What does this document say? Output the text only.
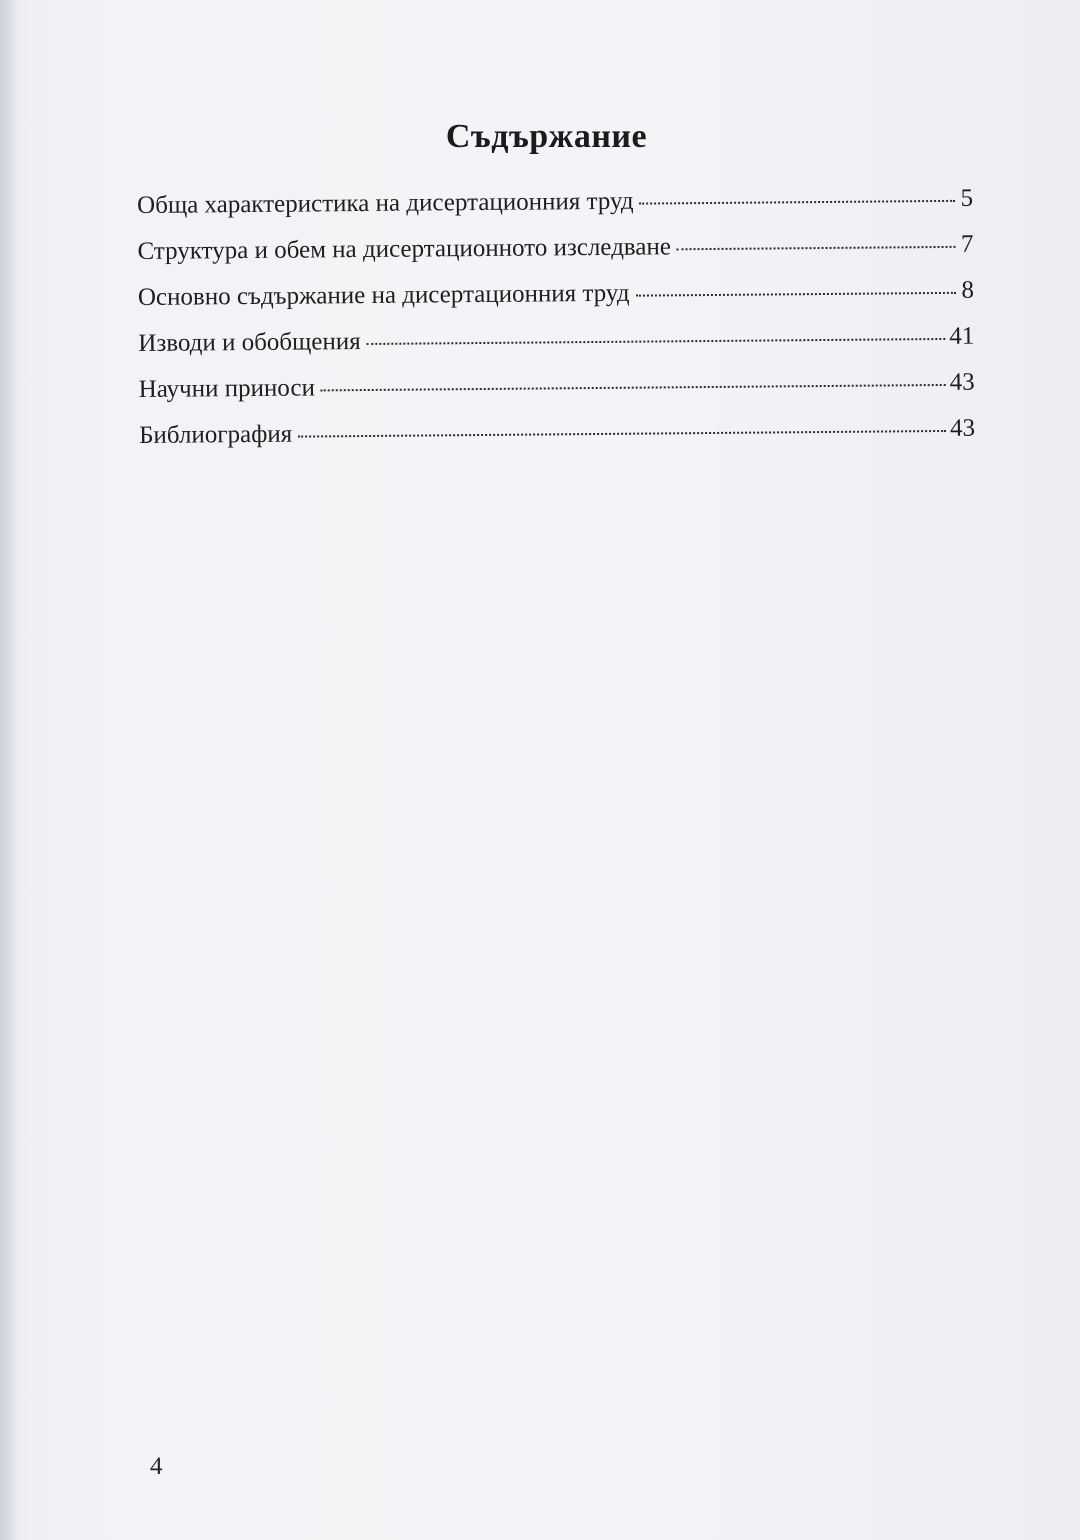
Съдържание
Обща характеристика на дисертационния труд	5
Структура и обем на дисертационното изследване	7
Основно съдържание на дисертационния труд	8
Изводи и обобщения	41
Научни приноси	43
Библиография	43
4
